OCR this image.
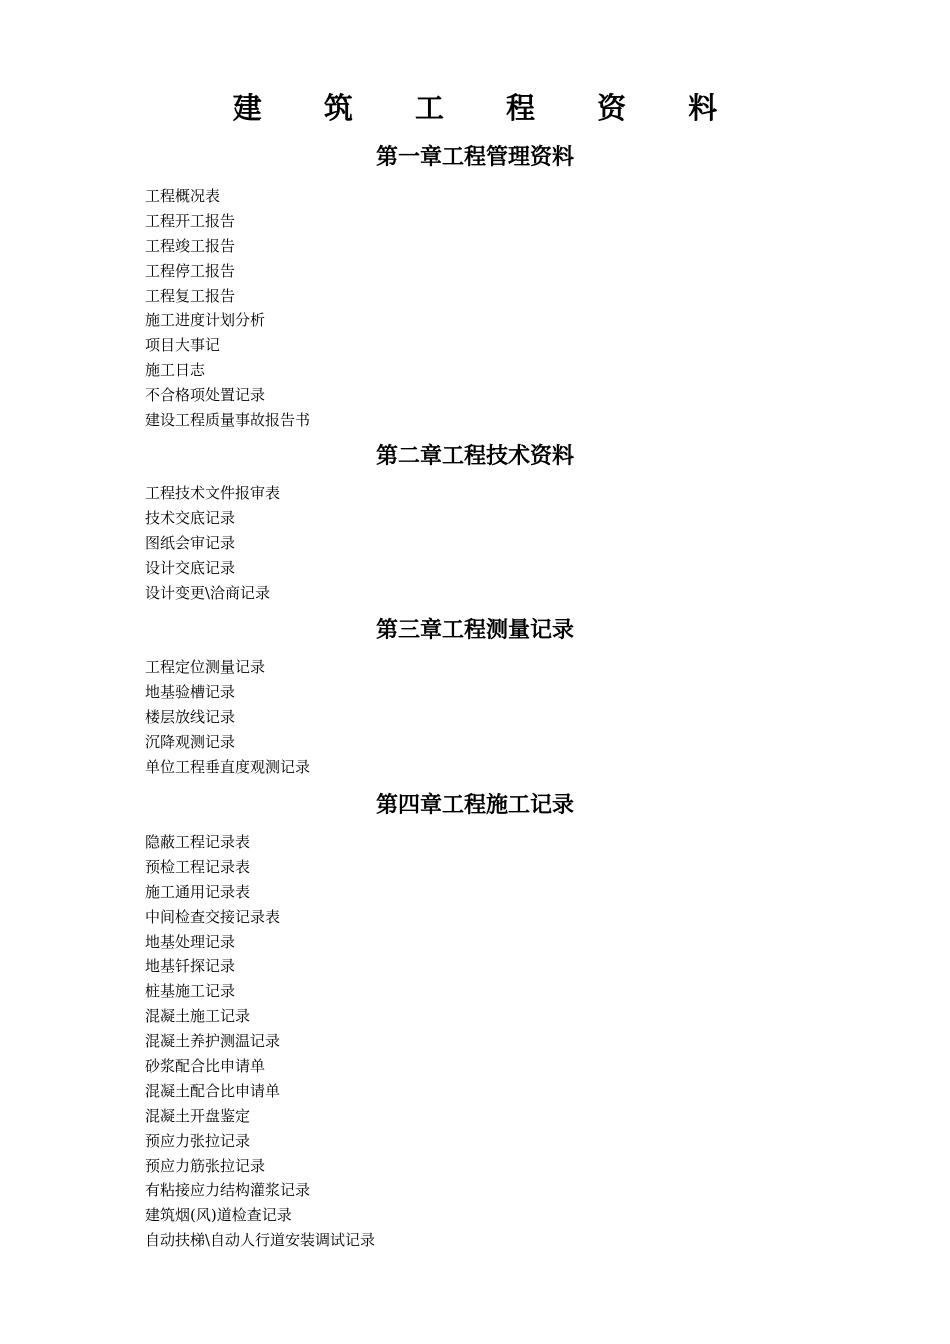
建 筑 工 程 资 料
第一章工程管理资料
工程概况表
工程开工报告
工程竣工报告
工程停工报告
工程复工报告
施工进度计划分析
项目大事记
施工日志
不合格项处置记录
建设工程质量事故报告书
第二章工程技术资料
工程技术文件报审表
技术交底记录
图纸会审记录
设计交底记录
设计变更\洽商记录
第三章工程测量记录
工程定位测量记录
地基验槽记录
楼层放线记录
沉降观测记录
单位工程垂直度观测记录
第四章工程施工记录
隐蔽工程记录表
预检工程记录表
施工通用记录表
中间检查交接记录表
地基处理记录
地基钎探记录
桩基施工记录
混凝土施工记录
混凝土养护测温记录
砂浆配合比申请单
混凝土配合比申请单
混凝土开盘鉴定
预应力张拉记录
预应力筋张拉记录
有粘接应力结构灌浆记录
建筑烟(风)道检查记录
自动扶梯\自动人行道安装调试记录
